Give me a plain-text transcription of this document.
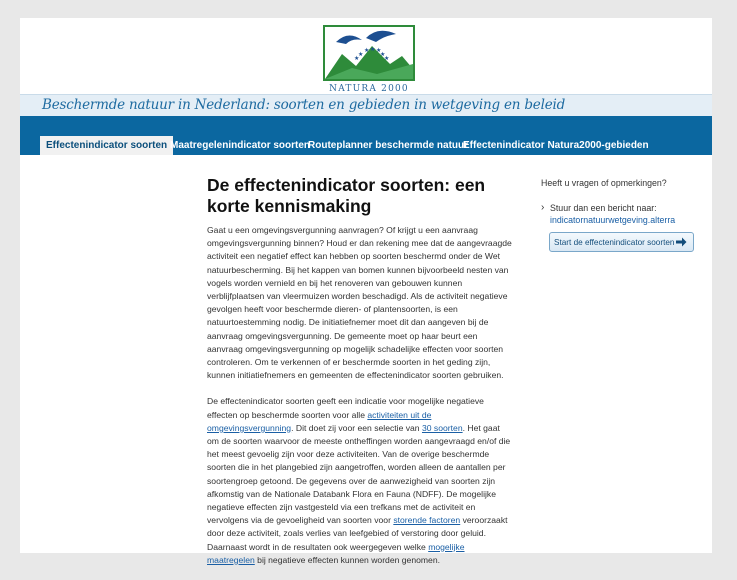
★
★ ★ ★
★
★	★
NATURA 2000
Beschermde natuur in Nederland: soorten en gebieden in wetgeving en beleid
Effectenindicator soorten Maatregelenindicator soorten
Routeplanner beschermde natuur
Effectenindicator Natura2000-gebieden
De effectenindicator soorten: een korte kennismaking

Gaat u een omgevingsvergunning aanvragen? Of krijgt u een aanvraag omgevingsvergunning binnen? Houd er dan rekening mee dat de aangevraagde activiteit een negatief effect kan hebben op soorten beschermd onder de Wet natuurbescherming. Bij het kappen van bomen kunnen bijvoorbeeld nesten van vogels worden vernield en bij het renoveren van gebouwen kunnen verblijfplaatsen van vleermuizen worden beschadigd. Als de activiteit negatieve gevolgen heeft voor beschermde dieren- of plantensoorten, is een natuurtoestemming nodig. De initiatiefnemer moet dit dan aangeven bij de aanvraag omgevingsvergunning. De gemeente moet op haar beurt een aanvraag omgevingsvergunning op mogelijk schadelijke effecten voor soorten controleren. Om te verkennen of er beschermde soorten in het geding zijn, kunnen initiatiefnemers en gemeenten de effectenindicator soorten gebruiken.

De effectenindicator soorten geeft een indicatie voor mogelijke negatieve effecten op beschermde soorten voor alle activiteiten uit de omgevingsvergunning. Dit doet zij voor een selectie van 30 soorten. Het gaat om de soorten waarvoor de meeste ontheffingen worden aangevraagd en/of die het meest gevoelig zijn voor deze activiteiten. Van de overige beschermde soorten die in het plangebied zijn aangetroffen, worden alleen de aantallen per soortengroep getoond. De gegevens over de aanwezigheid van soorten zijn afkomstig van de Nationale Databank Flora en Fauna (NDFF). De mogelijke negatieve effecten zijn vastgesteld via een trefkans met de activiteit en vervolgens via de gevoeligheid van soorten voor storende factoren veroorzaakt door deze activiteit, zoals verlies van leefgebied of verstoring door geluid. Daarnaast wordt in de resultaten ook weergegeven welke mogelijke maatregelen bij negatieve effecten kunnen worden genomen.

Heeft u vragen of opmerkingen?
› Stuur dan een bericht naar:
indicatornatuurwetgeving.alterra
Start de effectenindicator soorten
